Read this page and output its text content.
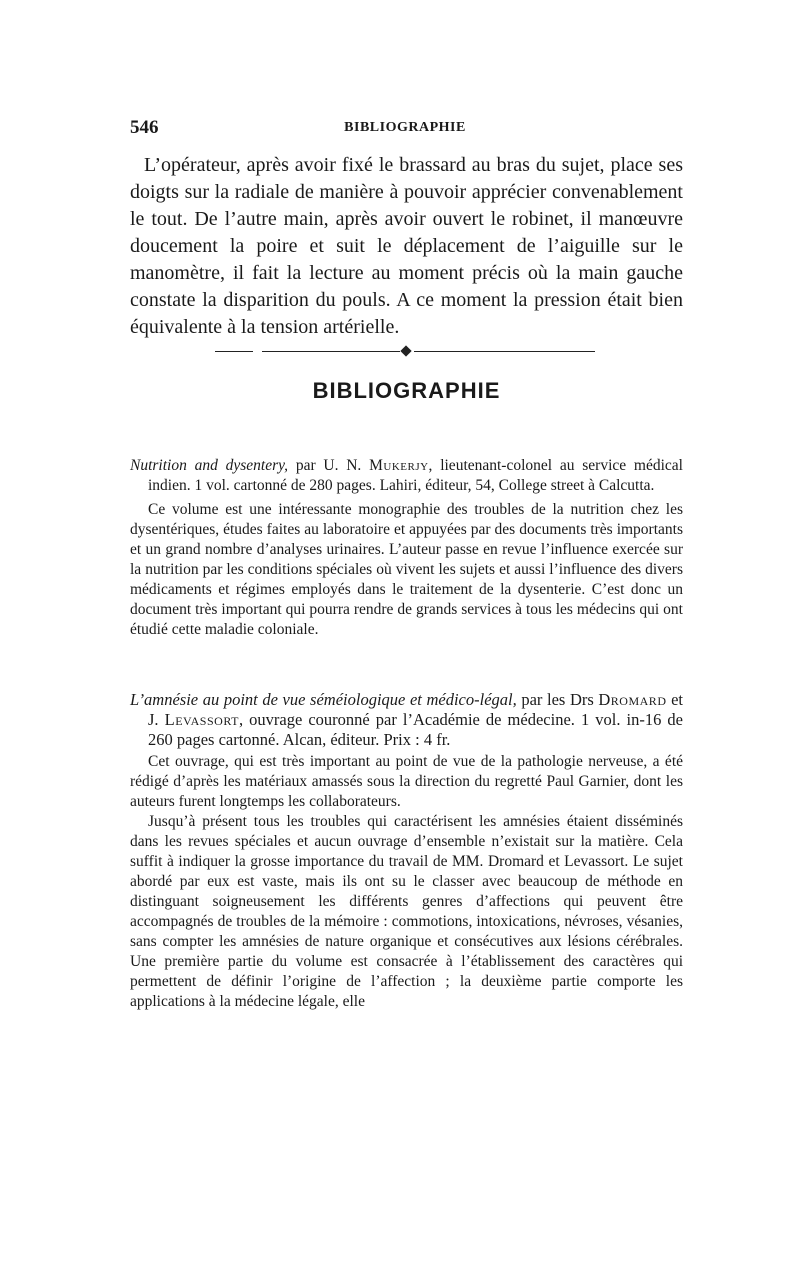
546	BIBLIOGRAPHIE
L’opérateur, après avoir fixé le brassard au bras du sujet, place ses doigts sur la radiale de manière à pouvoir apprécier convenablement le tout. De l’autre main, après avoir ouvert le robinet, il manœuvre doucement la poire et suit le déplacement de l’aiguille sur le manomètre, il fait la lecture au moment précis où la main gauche constate la disparition du pouls. A ce moment la pression était bien équivalente à la tension artérielle.
BIBLIOGRAPHIE
Nutrition and dysentery, par U. N. Mukerjy, lieutenant-colonel au service médical indien. 1 vol. cartonné de 280 pages. Lahiri, éditeur, 54, College street à Calcutta.

Ce volume est une intéressante monographie des troubles de la nutrition chez les dysentériques, études faites au laboratoire et appuyées par des documents très importants et un grand nombre d’analyses urinaires. L’auteur passe en revue l’influence exercée sur la nutrition par les conditions spéciales où vivent les sujets et aussi l’influence des divers médicaments et régimes employés dans le traitement de la dysenterie. C’est donc un document très important qui pourra rendre de grands services à tous les médecins qui ont étudié cette maladie coloniale.

L’amnésie au point de vue séméiologique et médico-légal, par les Drs Dromard et J. Levassort, ouvrage couronné par l’Académie de médecine. 1 vol. in-16 de 260 pages cartonné. Alcan, éditeur. Prix : 4 fr.

Cet ouvrage, qui est très important au point de vue de la pathologie nerveuse, a été rédigé d’après les matériaux amassés sous la direction du regretté Paul Garnier, dont les auteurs furent longtemps les collaborateurs.

Jusqu’à présent tous les troubles qui caractérisent les amnésies étaient disséminés dans les revues spéciales et aucun ouvrage d’ensemble n’existait sur la matière. Cela suffit à indiquer la grosse importance du travail de MM. Dromard et Levassort. Le sujet abordé par eux est vaste, mais ils ont su le classer avec beaucoup de méthode en distinguant soigneusement les différents genres d’affections qui peuvent être accompagnés de troubles de la mémoire : commotions, intoxications, névroses, vésanies, sans compter les amnésies de nature organique et consécutives aux lésions cérébrales. Une première partie du volume est consacrée à l’établissement des caractères qui permettent de définir l’origine de l’affection ; la deuxième partie comporte les applications à la médecine légale, elle
